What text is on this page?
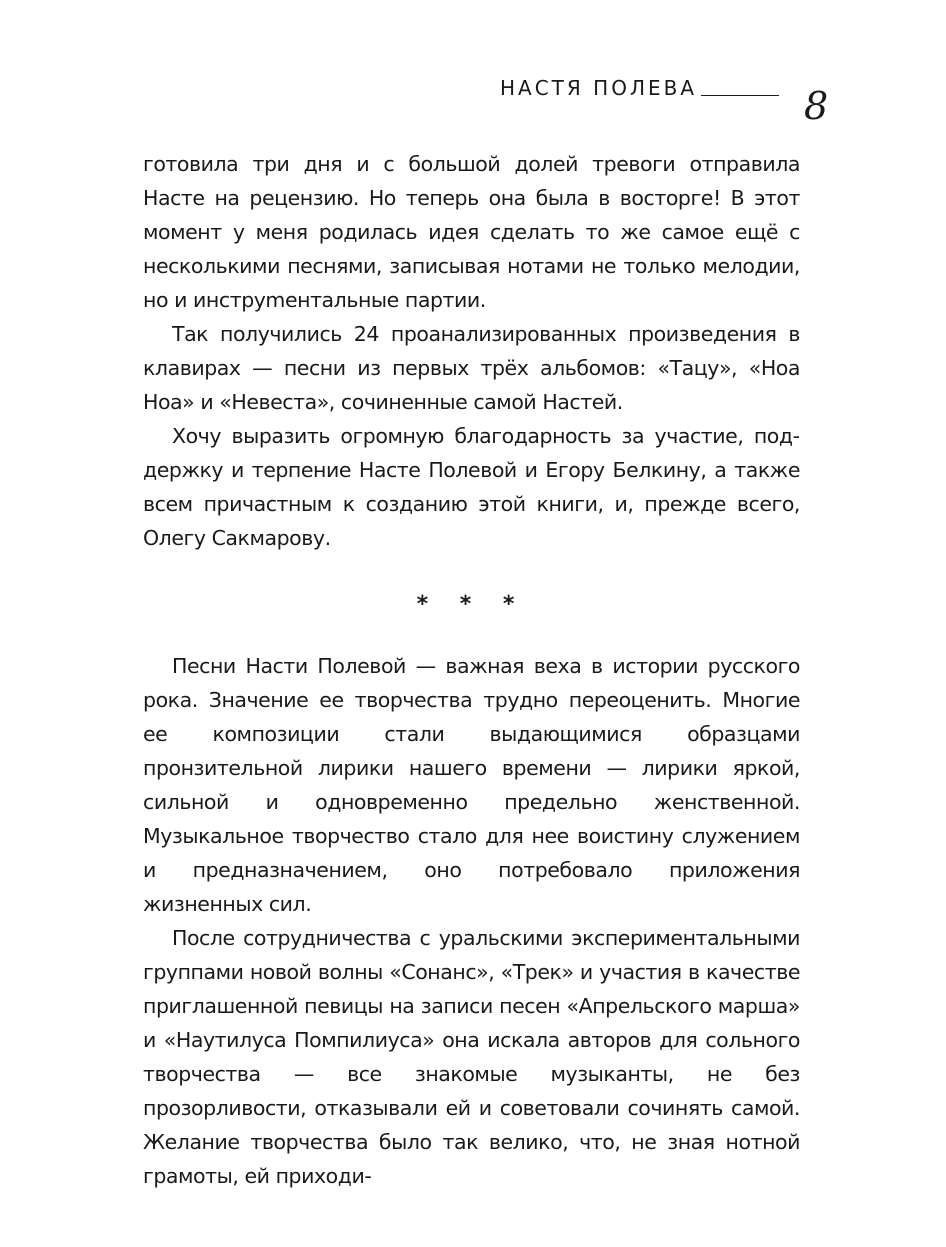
НАСТЯ ПОЛЕВА	8

готовила три дня и с большой долей тревоги отправила Насте на рецензию. Но теперь она была в восторге! В этот момент у меня родилась идея сделать то же самое ещё с несколькими песнями, записывая нотами не только мелодии, но и инструmентальные партии.

Так получились 24 проанализированных произведения в клавирах — песни из первых трёх альбомов: «Тацу», «Ноа Ноа» и «Невеста», сочиненные самой Настей.

Хочу выразить огромную благодарность за участие, поддержку и терпение Насте Полевой и Егору Белкину, а также всем причастным к созданию этой книги, и, прежде всего, Олегу Сакмарову.

* * *

Песни Насти Полевой — важная веха в истории русского рока. Значение ее творчества трудно переоценить. Многие ее композиции стали выдающимися образцами пронзительной лирики нашего времени — лирики яркой, сильной и одновременно предельно женственной. Музыкальное творчество стало для нее воистину служением и предназначением, оно потребовало приложения жизненных сил.

После сотрудничества с уральскими экспериментальными группами новой волны «Сонанс», «Трек» и участия в качестве приглашенной певицы на записи песен «Апрельского марша» и «Наутилуса Помпилиуса» она искала авторов для сольного творчества — все знакомые музыканты, не без прозорливости, отказывали ей и советовали сочинять самой. Желание творчества было так велико, что, не зная нотной грамоты, ей приходи-
